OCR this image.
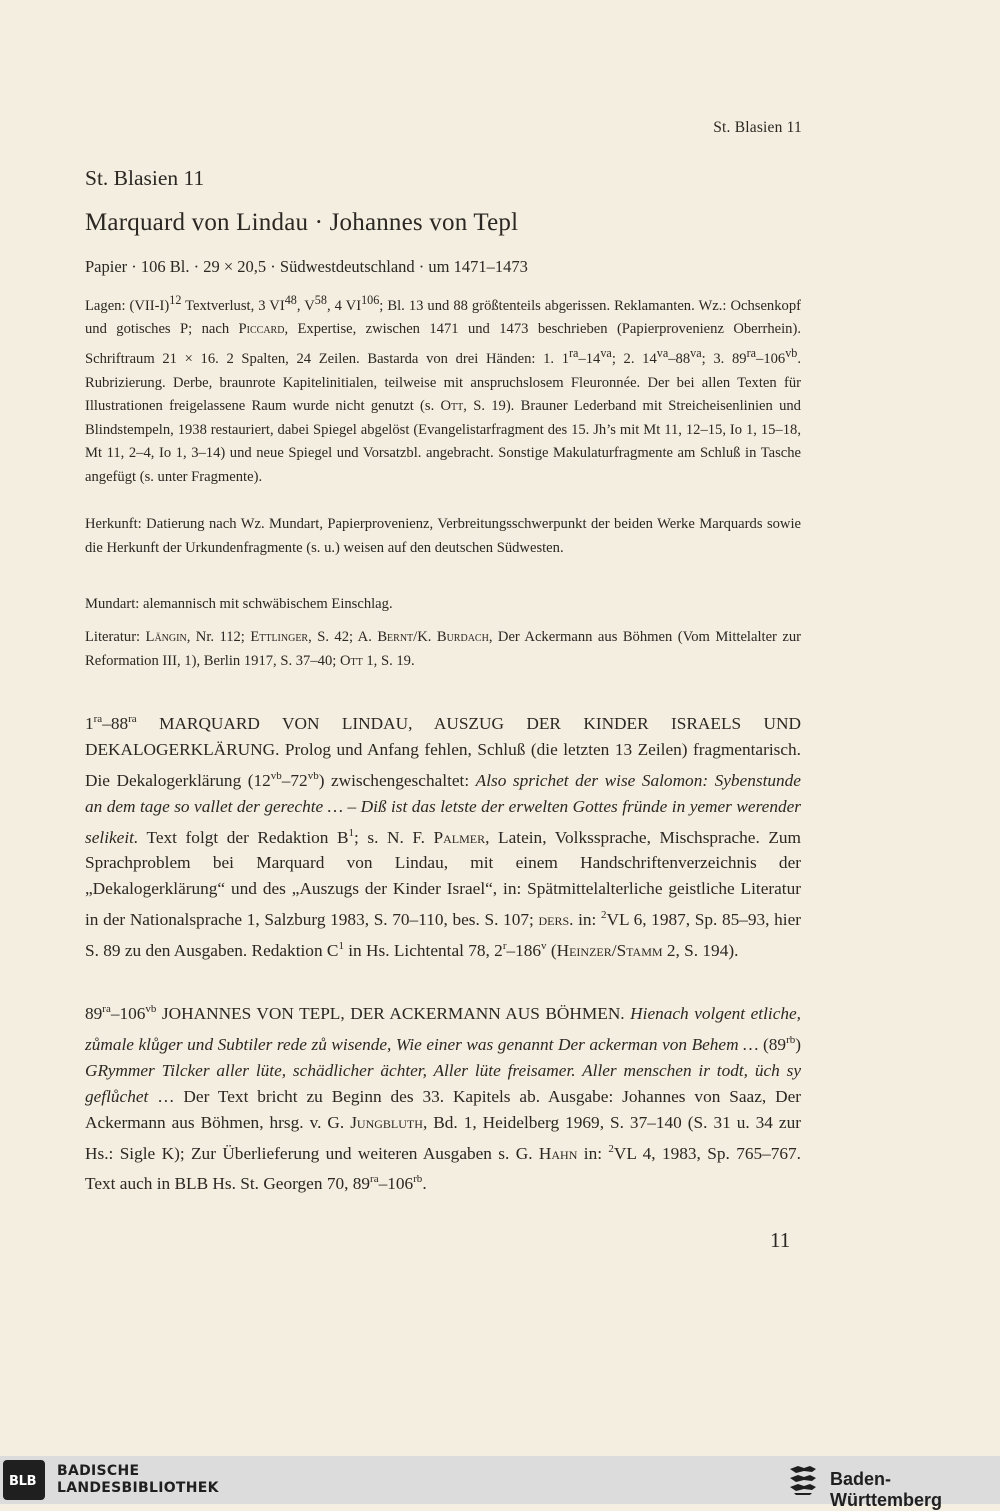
St. Blasien 11
St. Blasien 11
Marquard von Lindau · Johannes von Tepl
Papier · 106 Bl. · 29 × 20,5 · Südwestdeutschland · um 1471–1473
Lagen: $(VII-I)^{12}$ Textverlust, 3 VI$^{48}$, $V^{58}$, 4 VI$^{106}$; Bl. 13 und 88 größtenteils abgerissen. Reklamanten. Wz.: Ochsenkopf und gotisches P; nach Piccard, Expertise, zwischen 1471 und 1473 beschrieben (Papierprovenienz Oberrhein). Schriftraum 21 × 16. 2 Spalten, 24 Zeilen. Bastarda von drei Händen: 1. $1^{ra}-14^{va}$; 2. $14^{va}-88^{va}$; 3. $89^{ra}-106^{vb}$. Rubrizierung. Derbe, braunrote Kapitelinitialen, teilweise mit anspruchslosem Fleuronnée. Der bei allen Texten für Illustrationen freigelassene Raum wurde nicht genutzt (s. Ott, S. 19). Brauner Lederband mit Streicheisenlinien und Blindstempeln, 1938 restauriert, dabei Spiegel abgelöst (Evangelistarfragment des 15. Jh’s mit Mt 11, 12–15, Io 1, 15–18, Mt 11, 2–4, Io 1, 3–14) und neue Spiegel und Vorsatzbl. angebracht. Sonstige Makulaturfragmente am Schluß in Tasche angefügt (s. unter Fragmente).
Herkunft: Datierung nach Wz. Mundart, Papierprovenienz, Verbreitungsschwerpunkt der beiden Werke Marquards sowie die Herkunft der Urkundenfragmente (s. u.) weisen auf den deutschen Südwesten.
Mundart: alemannisch mit schwäbischem Einschlag.
Literatur: Längin, Nr. 112; Ettlinger, S. 42; A. Bernt/K. Burdach, Der Ackermann aus Böhmen (Vom Mittelalter zur Reformation III, 1), Berlin 1917, S. 37–40; Ott 1, S. 19.
$1^{ra}-88^{ra}$ MARQUARD VON LINDAU, AUSZUG DER KINDER ISRAELS UND DEKALOGERKLÄRUNG. Prolog und Anfang fehlen, Schluß (die letzten 13 Zeilen) fragmentarisch. Die Dekalogerklärung $(12^{vb}-72^{vb})$ zwischengeschaltet: Also sprichet der wise Salomon: Sybenstunde an dem tage so vallet der gerechte … – Diß ist das letste der erwelten Gottes fründe in yemer werender selikeit. Text folgt der Redaktion $B^1$; s. N. F. Palmer, Latein, Volkssprache, Mischsprache. Zum Sprachproblem bei Marquard von Lindau, mit einem Handschriftenverzeichnis der „Dekalogerklärung“ und des „Auszugs der Kinder Israel“, in: Spätmittelalterliche geistliche Literatur in der Nationalsprache 1, Salzburg 1983, S. 70–110, bes. S. 107; ders. in: $^2$VL 6, 1987, Sp. 85–93, hier S. 89 zu den Ausgaben. Redaktion $C^1$ in Hs. Lichtental 78, 2$^r$–186$^v$ (Heinzer/Stamm 2, S. 194).
$89^{ra}-106^{vb}$ JOHANNES VON TEPL, DER ACKERMANN AUS BÖHMEN. Hienach volgent etliche, zůmale klůger und Subtiler rede zů wisende, Wie einer was genannt Der ackerman von Behem … $(89^{rb})$ GRymmer Tilcker aller lüte, schädlicher ächter, Aller lüte freisamer. Aller menschen ir todt, üch sy geflůchet … Der Text bricht zu Beginn des 33. Kapitels ab. Ausgabe: Johannes von Saaz, Der Ackermann aus Böhmen, hrsg. v. G. Jungbluth, Bd. 1, Heidelberg 1969, S. 37–140 (S. 31 u. 34 zur Hs.: Sigle K); Zur Überlieferung und weiteren Ausgaben s. G. Hahn in: $^2$VL 4, 1983, Sp. 765–767. Text auch in BLB Hs. St. Georgen 70, $89^{ra}-106^{rb}$.
11
BLB
BADISCHE
LANDESBIBLIOTHEK	Baden-Württemberg
